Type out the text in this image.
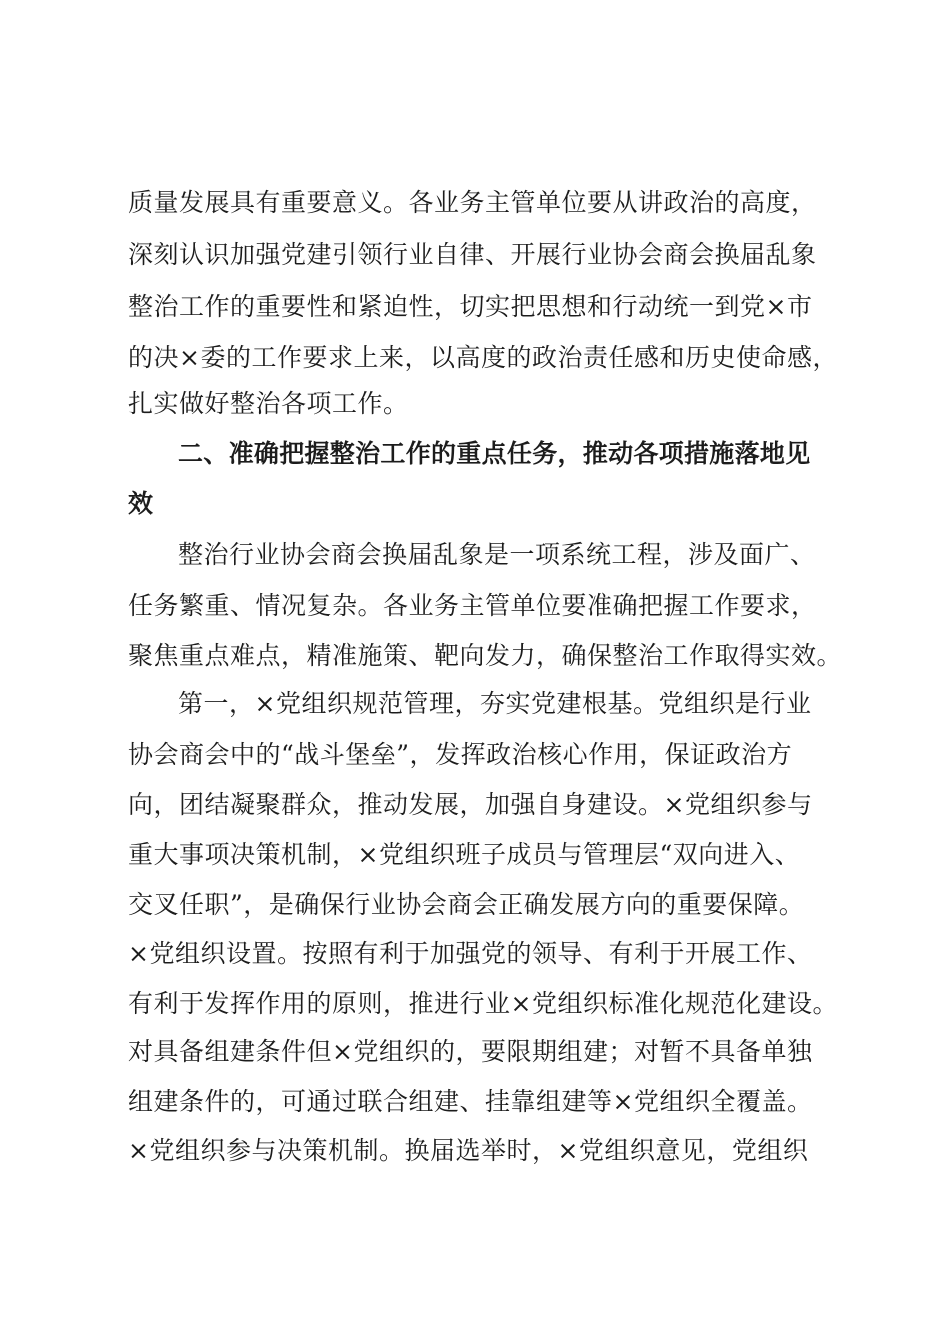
质量发展具有重要意义。各业务主管单位要从讲政治的高度，
深刻认识加强党建引领行业自律、开展行业协会商会换届乱象
整治工作的重要性和紧迫性，切实把思想和行动统一到党×市
的决×委的工作要求上来，以高度的政治责任感和历史使命感，
扎实做好整治各项工作。
二、准确把握整治工作的重点任务，推动各项措施落地见
效
整治行业协会商会换届乱象是一项系统工程，涉及面广、
任务繁重、情况复杂。各业务主管单位要准确把握工作要求，
聚焦重点难点，精准施策、靶向发力，确保整治工作取得实效。
第一，×党组织规范管理，夯实党建根基。党组织是行业
协会商会中的“战斗堡垒”，发挥政治核心作用，保证政治方
向，团结凝聚群众，推动发展，加强自身建设。×党组织参与
重大事项决策机制，×党组织班子成员与管理层“双向进入、
交叉任职”，是确保行业协会商会正确发展方向的重要保障。
×党组织设置。按照有利于加强党的领导、有利于开展工作、
有利于发挥作用的原则，推进行业×党组织标准化规范化建设。
对具备组建条件但×党组织的，要限期组建；对暂不具备单独
组建条件的，可通过联合组建、挂靠组建等×党组织全覆盖。
×党组织参与决策机制。换届选举时，×党组织意见，党组织
